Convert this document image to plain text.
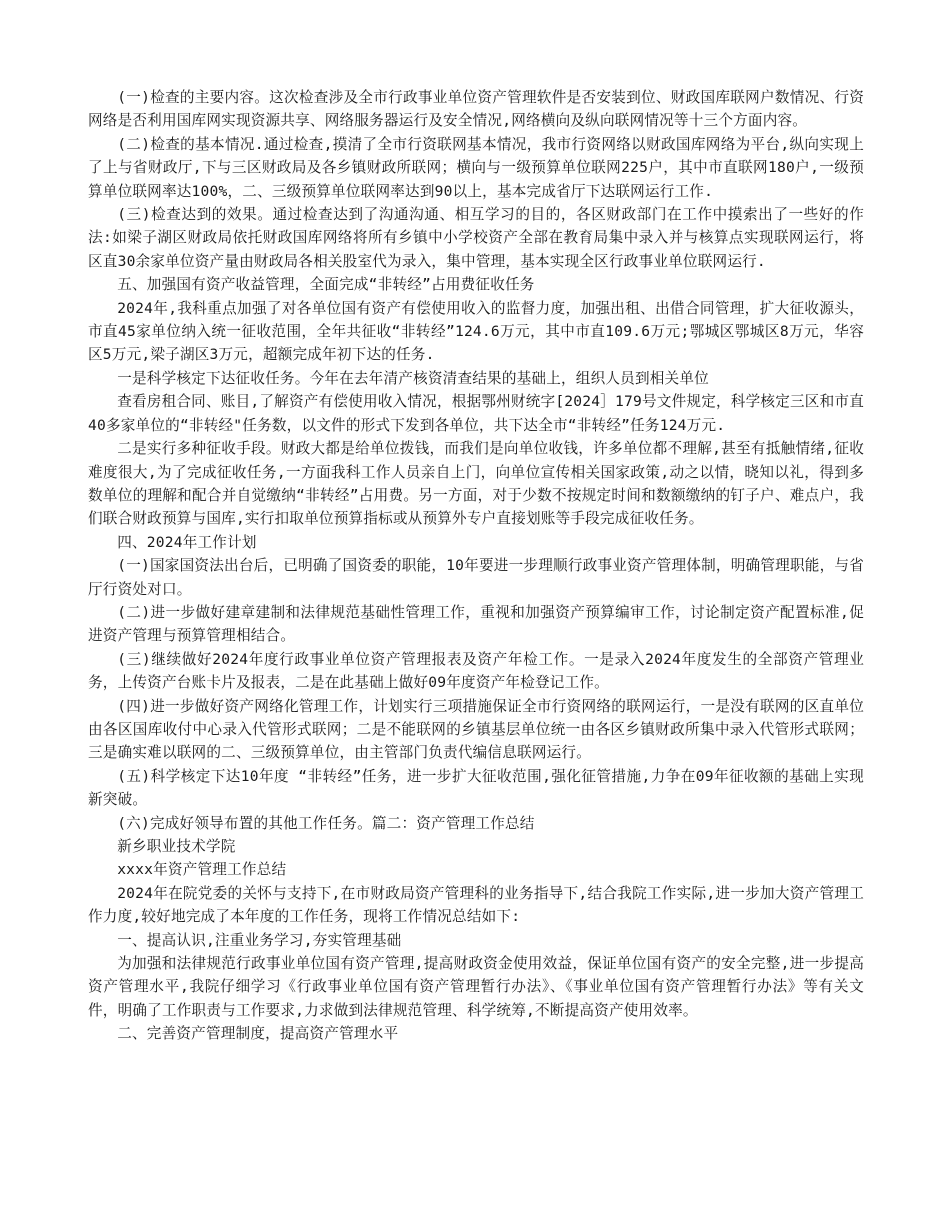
(一)检查的主要内容。这次检查涉及全市行政事业单位资产管理软件是否安装到位、财政国库联网户数情况、行资网络是否利用国库网实现资源共享、网络服务器运行及安全情况,网络横向及纵向联网情况等十三个方面内容。

(二)检查的基本情况.通过检查,摸清了全市行资联网基本情况，我市行资网络以财政国库网络为平台,纵向实现上了上与省财政厅,下与三区财政局及各乡镇财政所联网；横向与一级预算单位联网225户，其中市直联网180户,一级预算单位联网率达100%，二、三级预算单位联网率达到90以上，基本完成省厅下达联网运行工作.

(三)检查达到的效果。通过检查达到了沟通沟通、相互学习的目的，各区财政部门在工作中摸索出了一些好的作法:如梁子湖区财政局依托财政国库网络将所有乡镇中小学校资产全部在教育局集中录入并与核算点实现联网运行，将区直30余家单位资产量由财政局各相关股室代为录入，集中管理，基本实现全区行政事业单位联网运行.

五、加强国有资产收益管理，全面完成“非转经”占用费征收任务

2024年,我科重点加强了对各单位国有资产有偿使用收入的监督力度，加强出租、出借合同管理，扩大征收源头，市直45家单位纳入统一征收范围，全年共征收“非转经”124.6万元，其中市直109.6万元;鄂城区鄂城区8万元，华容区5万元,梁子湖区3万元，超额完成年初下达的任务.

一是科学核定下达征收任务。今年在去年清产核资清查结果的基础上，组织人员到相关单位

查看房租合同、账目,了解资产有偿使用收入情况，根据鄂州财统字[2024］179号文件规定，科学核定三区和市直40多家单位的“非转经"任务数，以文件的形式下发到各单位，共下达全市“非转经”任务124万元.

二是实行多种征收手段。财政大都是给单位拨钱，而我们是向单位收钱，许多单位都不理解,甚至有抵触情绪,征收难度很大,为了完成征收任务,一方面我科工作人员亲自上门，向单位宣传相关国家政策,动之以情，晓知以礼，得到多数单位的理解和配合并自觉缴纳“非转经”占用费。另一方面，对于少数不按规定时间和数额缴纳的钉子户、难点户，我们联合财政预算与国库,实行扣取单位预算指标或从预算外专户直接划账等手段完成征收任务。

四、2024年工作计划

(一)国家国资法出台后，已明确了国资委的职能，10年要进一步理顺行政事业资产管理体制，明确管理职能，与省厅行资处对口。

(二)进一步做好建章建制和法律规范基础性管理工作，重视和加强资产预算编审工作，讨论制定资产配置标准,促进资产管理与预算管理相结合。

(三)继续做好2024年度行政事业单位资产管理报表及资产年检工作。一是录入2024年度发生的全部资产管理业务，上传资产台账卡片及报表，二是在此基础上做好09年度资产年检登记工作。

(四)进一步做好资产网络化管理工作，计划实行三项措施保证全市行资网络的联网运行，一是没有联网的区直单位由各区国库收付中心录入代管形式联网；二是不能联网的乡镇基层单位统一由各区乡镇财政所集中录入代管形式联网；三是确实难以联网的二、三级预算单位，由主管部门负责代编信息联网运行。

(五)科学核定下达10年度 “非转经”任务，进一步扩大征收范围,强化征管措施,力争在09年征收额的基础上实现新突破。

(六)完成好领导布置的其他工作任务。篇二：资产管理工作总结

新乡职业技术学院

xxxx年资产管理工作总结

2024年在院党委的关怀与支持下,在市财政局资产管理科的业务指导下,结合我院工作实际,进一步加大资产管理工作力度,较好地完成了本年度的工作任务，现将工作情况总结如下:

一、提高认识,注重业务学习,夯实管理基础

为加强和法律规范行政事业单位国有资产管理,提高财政资金使用效益，保证单位国有资产的安全完整,进一步提高资产管理水平,我院仔细学习《行政事业单位国有资产管理暂行办法》、《事业单位国有资产管理暂行办法》等有关文件，明确了工作职责与工作要求,力求做到法律规范管理、科学统筹,不断提高资产使用效率。

二、完善资产管理制度，提高资产管理水平
